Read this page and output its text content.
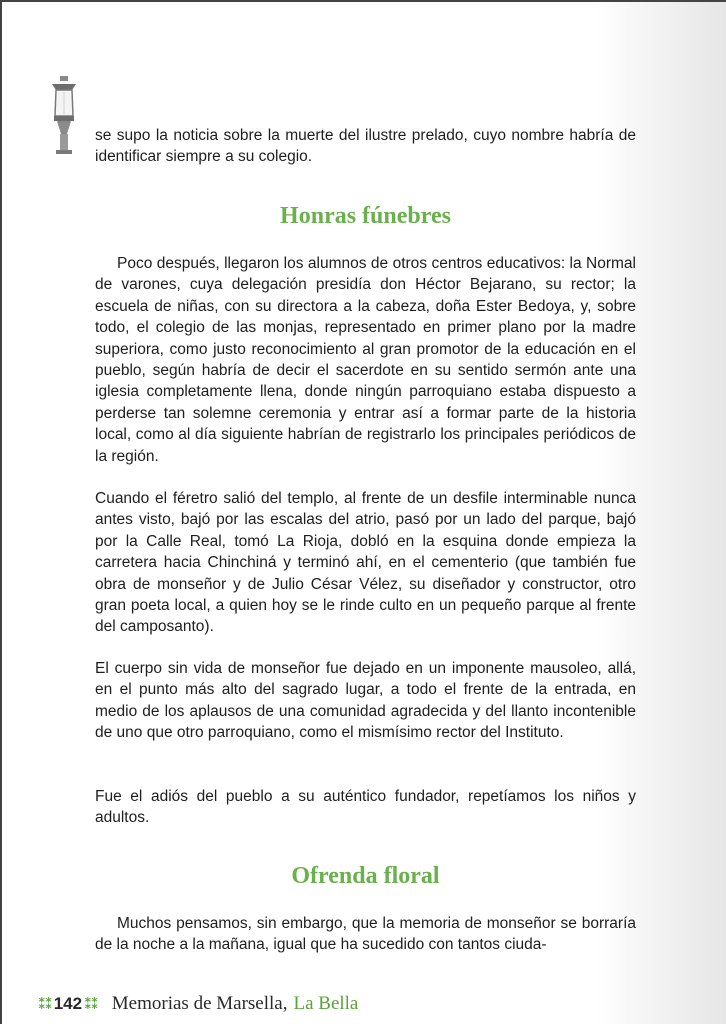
se supo la noticia sobre la muerte del ilustre prelado, cuyo nombre habría de identificar siempre a su colegio.

Honras fúnebres

Poco después, llegaron los alumnos de otros centros educativos: la Normal de varones, cuya delegación presidía don Héctor Bejarano, su rector; la escuela de niñas, con su directora a la cabeza, doña Ester Bedoya, y, sobre todo, el colegio de las monjas, representado en primer plano por la madre superiora, como justo reconocimiento al gran promotor de la educación en el pueblo, según habría de decir el sacerdote en su sentido sermón ante una iglesia completamente llena, donde ningún parroquiano estaba dispuesto a perderse tan solemne ceremonia y entrar así a formar parte de la historia local, como al día siguiente habrían de registrarlo los principales periódicos de la región.

Cuando el féretro salió del templo, al frente de un desfile interminable nunca antes visto, bajó por las escalas del atrio, pasó por un lado del parque, bajó por la Calle Real, tomó La Rioja, dobló en la esquina donde empieza la carretera hacia Chinchiná y terminó ahí, en el cementerio (que también fue obra de monseñor y de Julio César Vélez, su diseñador y constructor, otro gran poeta local, a quien hoy se le rinde culto en un pequeño parque al frente del camposanto).

El cuerpo sin vida de monseñor fue dejado en un imponente mausoleo, allá, en el punto más alto del sagrado lugar, a todo el frente de la entrada, en medio de los aplausos de una comunidad agradecida y del llanto incontenible de uno que otro parroquiano, como el mismísimo rector del Instituto.

Fue el adiós del pueblo a su auténtico fundador, repetíamos los niños y adultos.

Ofrenda floral

Muchos pensamos, sin embargo, que la memoria de monseñor se borraría de la noche a la mañana, igual que ha sucedido con tantos ciuda-

⁑⁑ 142 ⁑⁑ Memorias de Marsella, La Bella
